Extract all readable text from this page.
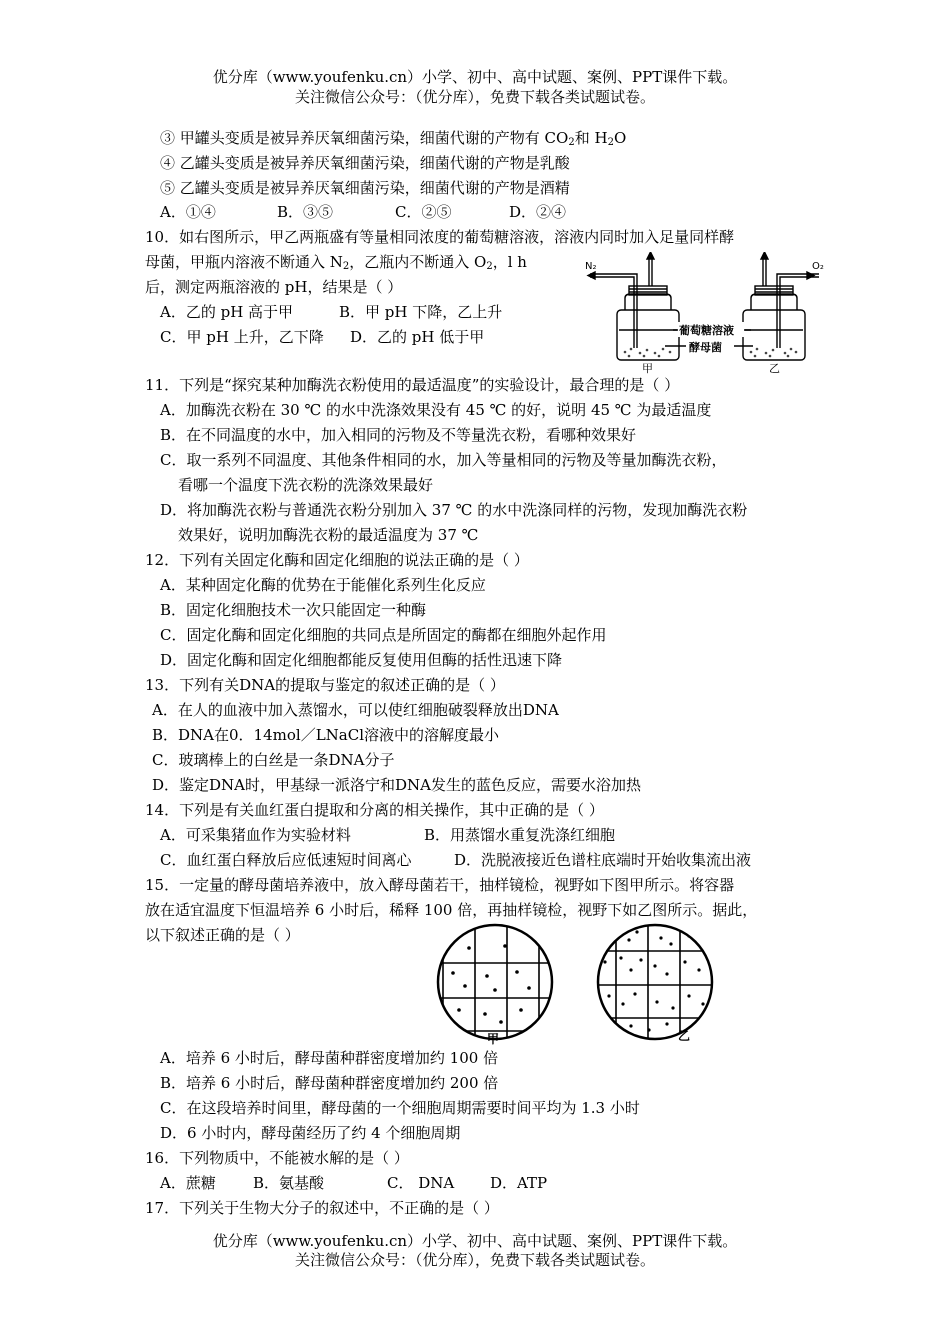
优分库（www.youfenku.cn）小学、初中、高中试题、案例、PPT课件下载。
关注微信公众号：（优分库），免费下载各类试题试卷。
③ 甲罐头变质是被异养厌氧细菌污染，细菌代谢的产物有 $CO_2$和 $H_2O$
④ 乙罐头变质是被异养厌氧细菌污染，细菌代谢的产物是乳酸
⑤ 乙罐头变质是被异养厌氧细菌污染，细菌代谢的产物是酒精
A．①④	B．③⑤	C．②⑤	D．②④
10．如右图所示，甲乙两瓶盛有等量相同浓度的葡萄糖溶液，溶液内同时加入足量同样酵
母菌，甲瓶内溶液不断通入 $N_2$，乙瓶内不断通入 $O_2$，l h
后，测定两瓶溶液的 pH，结果是（ ）
A．乙的 pH 高于甲	B．甲 pH 下降，乙上升
C．甲 pH 上升，乙下降 D．乙的 pH 低于甲
N₂	O₂
葡萄糖溶液
酵母菌
甲	乙
11．下列是“探究某种加酶洗衣粉使用的最适温度”的实验设计，最合理的是（ ）
A．加酶洗衣粉在 30 ℃ 的水中洗涤效果没有 45 ℃ 的好，说明 45 ℃ 为最适温度
B．在不同温度的水中，加入相同的污物及不等量洗衣粉，看哪种效果好
C．取一系列不同温度、其他条件相同的水，加入等量相同的污物及等量加酶洗衣粉，
看哪一个温度下洗衣粉的洗涤效果最好
D．将加酶洗衣粉与普通洗衣粉分别加入 37 ℃ 的水中洗涤同样的污物，发现加酶洗衣粉
效果好，说明加酶洗衣粉的最适温度为 37 ℃
12．下列有关固定化酶和固定化细胞的说法正确的是（ ）
A．某种固定化酶的优势在于能催化系列生化反应
B．固定化细胞技术一次只能固定一种酶
C．固定化酶和固定化细胞的共同点是所固定的酶都在细胞外起作用
D．固定化酶和固定化细胞都能反复使用但酶的括性迅速下降
13．下列有关DNA的提取与鉴定的叙述正确的是（ ）
A．在人的血液中加入蒸馏水，可以使红细胞破裂释放出DNA
B．DNA在0．14mol／LNaCl溶液中的溶解度最小
C．玻璃棒上的白丝是一条DNA分子
D．鉴定DNA时，甲基绿一派洛宁和DNA发生的蓝色反应，需要水浴加热
14．下列是有关血红蛋白提取和分离的相关操作，其中正确的是（ ）
A．可采集猪血作为实验材料	B．用蒸馏水重复洗涤红细胞
C．血红蛋白释放后应低速短时间离心	D．洗脱液接近色谱柱底端时开始收集流出液
15．一定量的酵母菌培养液中，放入酵母菌若干，抽样镜检，视野如下图甲所示。将容器
放在适宜温度下恒温培养 6 小时后，稀释 100 倍，再抽样镜检，视野下如乙图所示。据此，
以下叙述正确的是（ ）
甲	乙
A．培养 6 小时后，酵母菌种群密度增加约 100 倍
B．培养 6 小时后，酵母菌种群密度增加约 200 倍
C．在这段培养时间里，酵母菌的一个细胞周期需要时间平均为 1.3 小时
D．6 小时内，酵母菌经历了约 4 个细胞周期
16．下列物质中，不能被水解的是（ ）
A．蔗糖 B．氨基酸	C． DNA D．ATP
17．下列关于生物大分子的叙述中，不正确的是（ ）
优分库（www.youfenku.cn）小学、初中、高中试题、案例、PPT课件下载。
关注微信公众号：（优分库），免费下载各类试题试卷。
